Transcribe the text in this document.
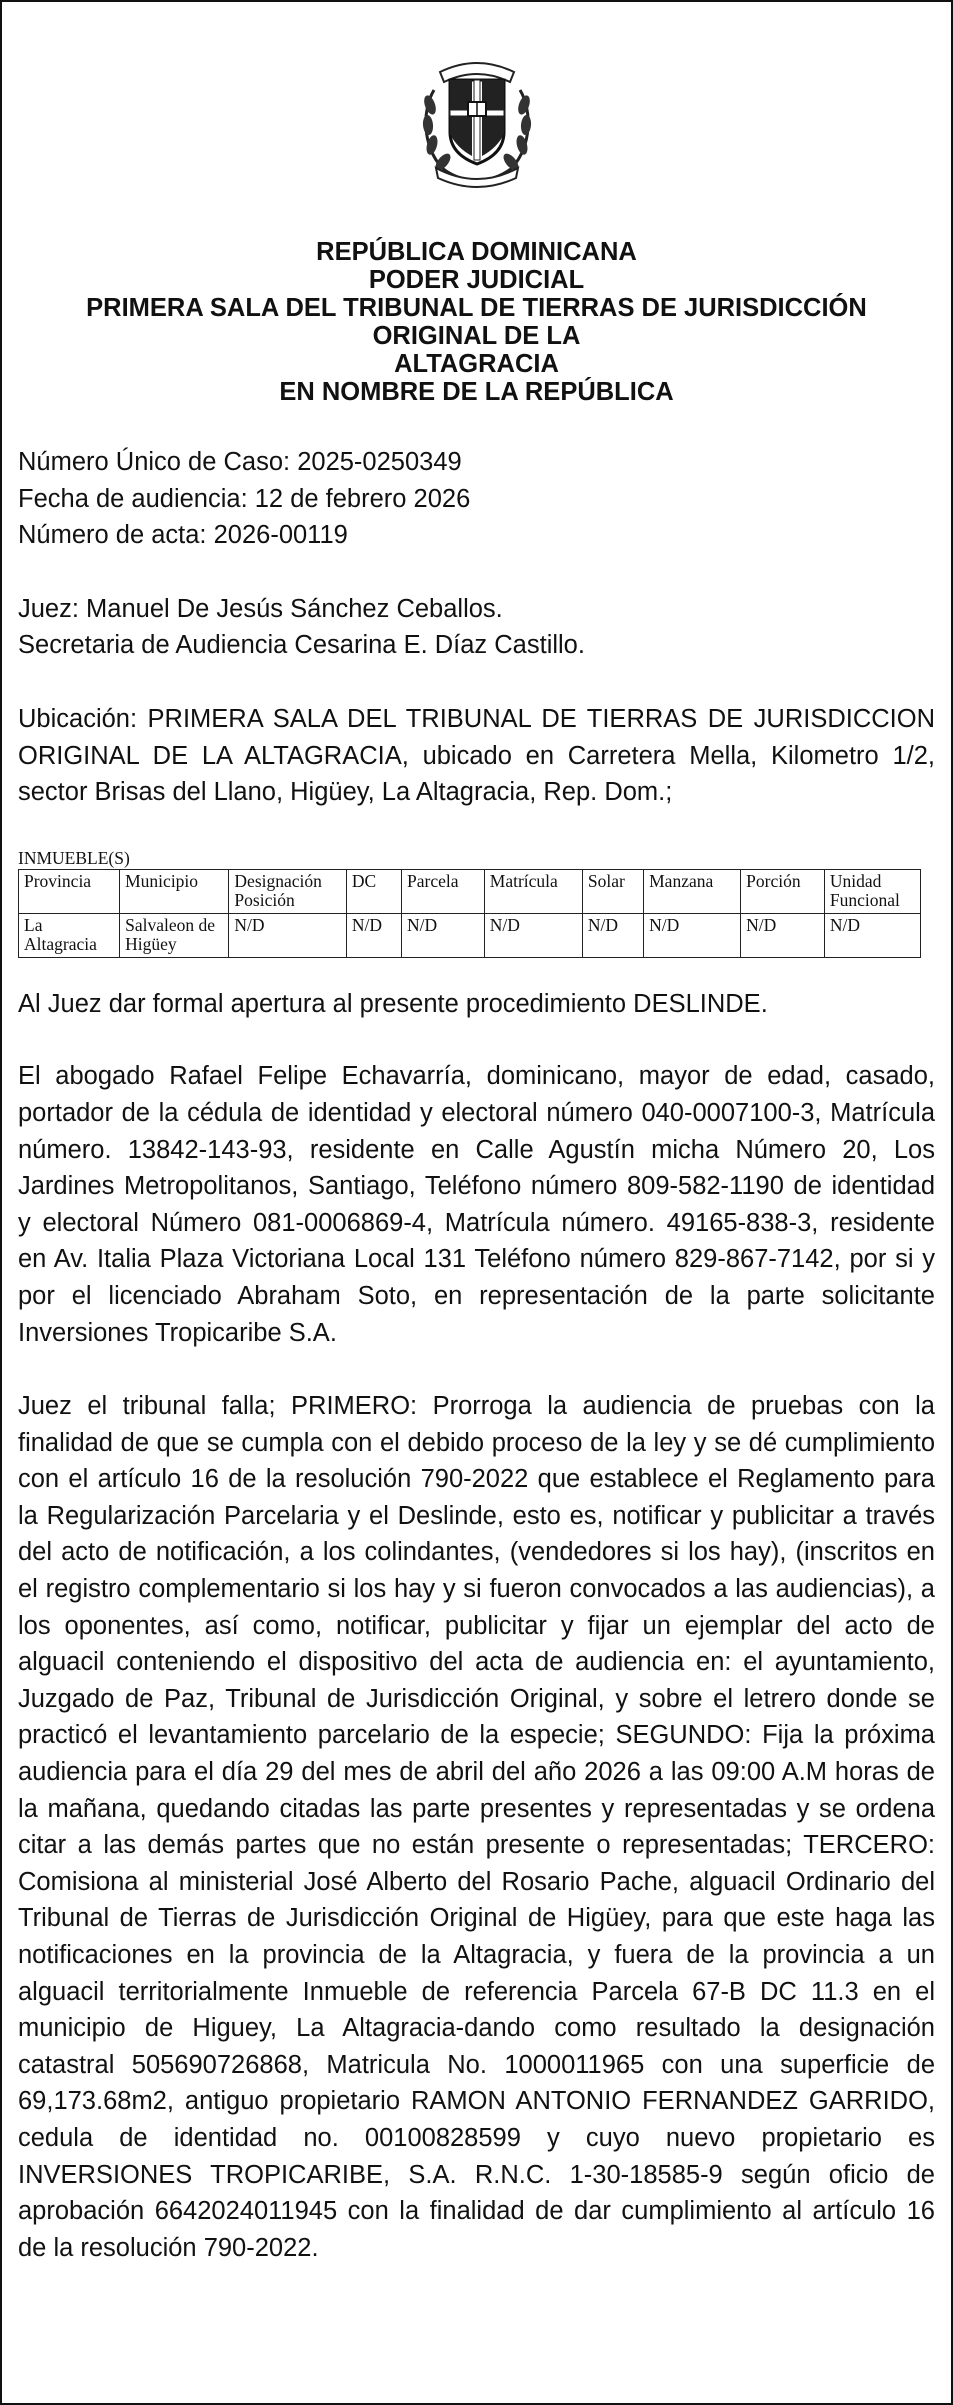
REPÚBLICA DOMINICANA
PODER JUDICIAL
PRIMERA SALA DEL TRIBUNAL DE TIERRAS DE JURISDICCIÓN
ORIGINAL DE LA
ALTAGRACIA
EN NOMBRE DE LA REPÚBLICA
Número Único de Caso: 2025-0250349
Fecha de audiencia: 12 de febrero 2026
Número de acta: 2026-00119
Juez: Manuel De Jesús Sánchez Ceballos.
Secretaria de Audiencia Cesarina E. Díaz Castillo.

Ubicación: PRIMERA SALA DEL TRIBUNAL DE TIERRAS DE JURISDICCION ORIGINAL DE LA ALTAGRACIA, ubicado en Carretera Mella, Kilometro 1/2, sector Brisas del Llano, Higüey, La Altagracia, Rep. Dom.;

INMUEBLE(S)
Provincia	Municipio	Designación Posición	DC	Parcela	Matrícula	Solar	Manzana	Porción	Unidad Funcional
La Altagracia	Salvaleon de Higüey	N/D	N/D	N/D	N/D	N/D	N/D	N/D	N/D

Al Juez dar formal apertura al presente procedimiento DESLINDE.

El abogado Rafael Felipe Echavarría, dominicano, mayor de edad, casado, portador de la cédula de identidad y electoral número 040-0007100-3, Matrícula número. 13842-143-93, residente en Calle Agustín micha Número 20, Los Jardines Metropolitanos, Santiago, Teléfono número 809-582-1190 de identidad y electoral Número 081-0006869-4, Matrícula número. 49165-838-3, residente en Av. Italia Plaza Victoriana Local 131 Teléfono número 829-867-7142, por si y por el licenciado Abraham Soto, en representación de la parte solicitante Inversiones Tropicaribe S.A.

Juez el tribunal falla; PRIMERO: Prorroga la audiencia de pruebas con la finalidad de que se cumpla con el debido proceso de la ley y se dé cumplimiento con el artículo 16 de la resolución 790-2022 que establece el Reglamento para la Regularización Parcelaria y el Deslinde, esto es, notificar y publicitar a través del acto de notificación, a los colindantes, (vendedores si los hay), (inscritos en el registro complementario si los hay y si fueron convocados a las audiencias), a los oponentes, así como, notificar, publicitar y fijar un ejemplar del acto de alguacil conteniendo el dispositivo del acta de audiencia en: el ayuntamiento, Juzgado de Paz, Tribunal de Jurisdicción Original, y sobre el letrero donde se practicó el levantamiento parcelario de la especie; SEGUNDO: Fija la próxima audiencia para el día 29 del mes de abril del año 2026 a las 09:00 A.M horas de la mañana, quedando citadas las parte presentes y representadas y se ordena citar a las demás partes que no están presente o representadas; TERCERO: Comisiona al ministerial José Alberto del Rosario Pache, alguacil Ordinario del Tribunal de Tierras de Jurisdicción Original de Higüey, para que este haga las notificaciones en la provincia de la Altagracia, y fuera de la provincia a un alguacil territorialmente Inmueble de referencia Parcela 67-B DC 11.3 en el municipio de Higuey, La Altagracia-dando como resultado la designación catastral 505690726868, Matricula No. 1000011965 con una superficie de 69,173.68m2, antiguo propietario RAMON ANTONIO FERNANDEZ GARRIDO, cedula de identidad no. 00100828599 y cuyo nuevo propietario es INVERSIONES TROPICARIBE, S.A. R.N.C. 1-30-18585-9 según oficio de aprobación 6642024011945 con la finalidad de dar cumplimiento al artículo 16 de la resolución 790-2022.
